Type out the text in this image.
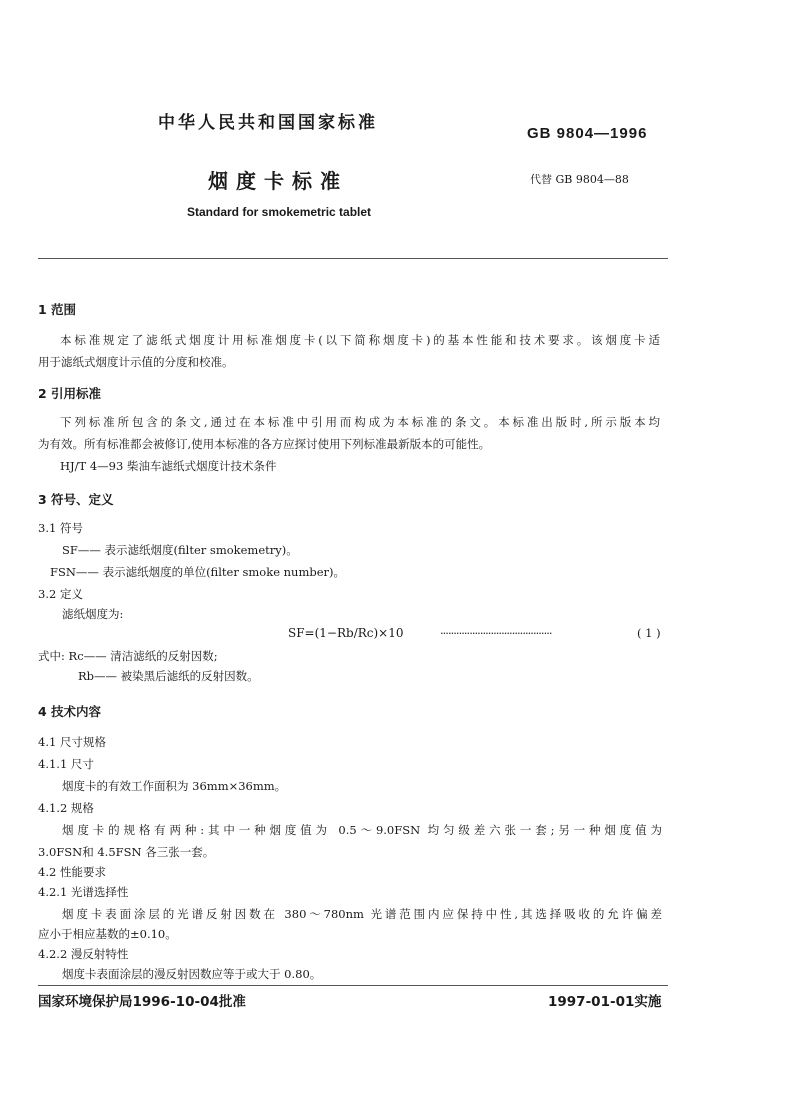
中华人民共和国国家标准
GB 9804—1996
烟度卡标准	代替 GB 9804—88
Standard for smokemetric tablet
1 范围
本标准规定了滤纸式烟度计用标准烟度卡(以下简称烟度卡)的基本性能和技术要求。该烟度卡适
用于滤纸式烟度计示值的分度和校准。
2 引用标准
下列标准所包含的条文,通过在本标准中引用而构成为本标准的条文。本标准出版时,所示版本均
为有效。所有标准都会被修订,使用本标准的各方应探讨使用下列标准最新版本的可能性。
HJ/T 4—93 柴油车滤纸式烟度计技术条件
3 符号、定义
3.1 符号
SF—— 表示滤纸烟度(filter smokemetry)。
FSN—— 表示滤纸烟度的单位(filter smoke number)。
3.2 定义
滤纸烟度为:
SF=(1−Rb/Rc)×10	··········································	( 1 )
式中: Rc—— 清洁滤纸的反射因数;
Rb—— 被染黑后滤纸的反射因数。
4 技术内容
4.1 尺寸规格
4.1.1 尺寸
烟度卡的有效工作面积为 36mm×36mm。
4.1.2 规格
烟度卡的规格有两种:其中一种烟度值为 0.5～9.0FSN 均匀级差六张一套;另一种烟度值为
3.0FSN和 4.5FSN 各三张一套。
4.2 性能要求
4.2.1 光谱选择性
烟度卡表面涂层的光谱反射因数在 380～780nm 光谱范围内应保持中性,其选择吸收的允许偏差
应小于相应基数的±0.10。
4.2.2 漫反射特性
烟度卡表面涂层的漫反射因数应等于或大于 0.80。
国家环境保护局1996-10-04批准	1997-01-01实施
